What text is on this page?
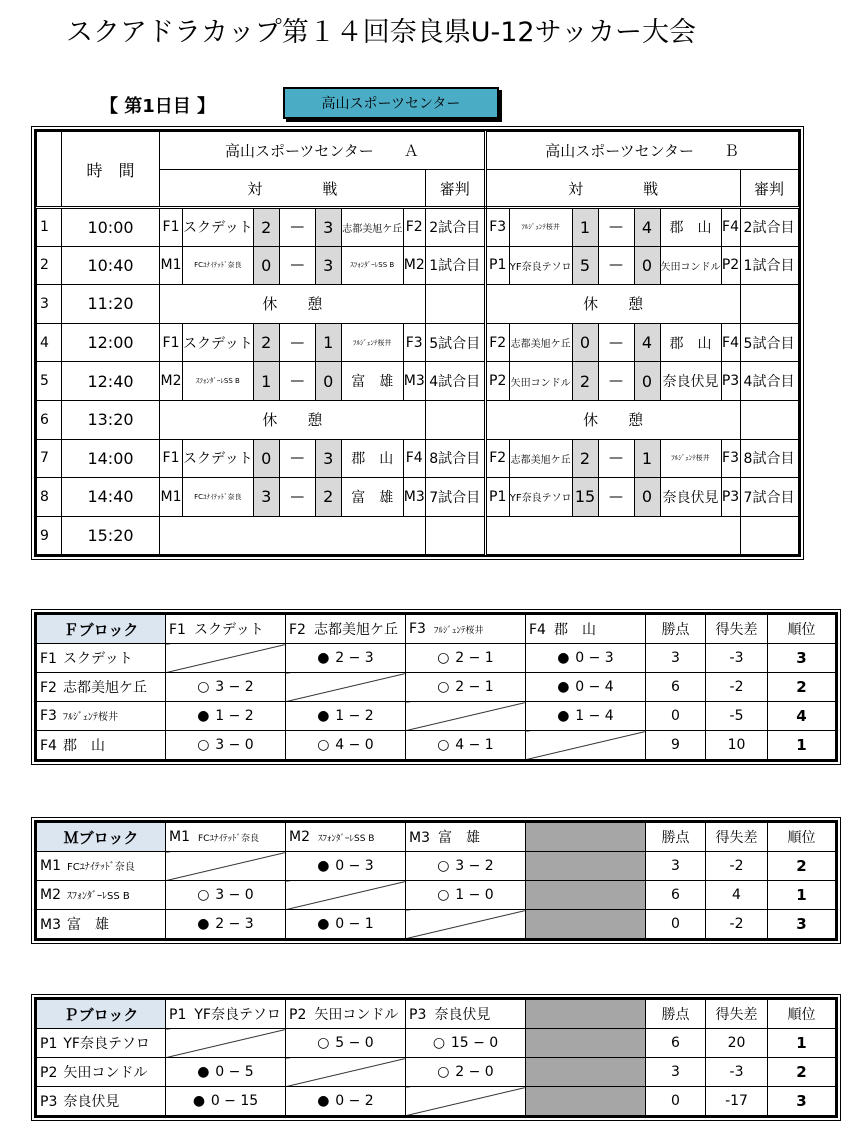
スクアドラカップ第１４回奈良県U-12サッカー大会
【 第1日目 】	高山スポーツセンター
	時　間	高山スポーツセンター　　Ａ								高山スポーツセンター　　Ｂ							
		対　　　　戦							審判	対　　　　戦							審判
1	10:00	F1	スクデット	2	—	3	志都美旭ケ丘	F2	2試合目	F3	ﾌﾙｼﾞｪﾝﾃ桜井	1	—	4	郡　山	F4	2試合目
2	10:40	M1	FCﾕﾅｲﾃｯﾄﾞ奈良	0	—	3	ｽﾌｫﾝﾀﾞｰﾚSS B	M2	1試合目	P1	YF奈良テソロ	5	—	0	矢田コンドル	P2	1試合目
3	11:20	休　　憩								休　　憩							
4	12:00	F1	スクデット	2	—	1	ﾌﾙｼﾞｪﾝﾃ桜井	F3	5試合目	F2	志都美旭ケ丘	0	—	4	郡　山	F4	5試合目
5	12:40	M2	ｽﾌｫﾝﾀﾞｰﾚSS B	1	—	0	富　雄	M3	4試合目	P2	矢田コンドル	2	—	0	奈良伏見	P3	4試合目
6	13:20	休　　憩								休　　憩							
7	14:00	F1	スクデット	0	—	3	郡　山	F4	8試合目	F2	志都美旭ケ丘	2	—	1	ﾌﾙｼﾞｪﾝﾃ桜井	F3	8試合目
8	14:40	M1	FCﾕﾅｲﾃｯﾄﾞ奈良	3	—	2	富　雄	M3	7試合目	P1	YF奈良テソロ	15	—	0	奈良伏見	P3	7試合目
9	15:20																
Ｆブロック	F1 スクデット	F2 志都美旭ケ丘	F3 ﾌﾙｼﾞｪﾝﾃ桜井	F4 郡　山	勝点	得失差	順位
F1 スクデット		● 2 − 3	○ 2 − 1	● 0 − 3	3	-3	3
F2 志都美旭ケ丘	○ 3 − 2		○ 2 − 1	● 0 − 4	6	-2	2
F3 ﾌﾙｼﾞｪﾝﾃ桜井	● 1 − 2	● 1 − 2		● 1 − 4	0	-5	4
F4 郡　山	○ 3 − 0	○ 4 − 0	○ 4 − 1		9	10	1
Ｍブロック	M1 FCﾕﾅｲﾃｯﾄﾞ奈良	M2 ｽﾌｫﾝﾀﾞｰﾚSS B	M3 富　雄		勝点	得失差	順位
M1 FCﾕﾅｲﾃｯﾄﾞ奈良		● 0 − 3	○ 3 − 2		3	-2	2
M2 ｽﾌｫﾝﾀﾞｰﾚSS B	○ 3 − 0		○ 1 − 0		6	4	1
M3 富　雄	● 2 − 3	● 0 − 1			0	-2	3
Ｐブロック	P1 YF奈良テソロ	P2 矢田コンドル	P3 奈良伏見		勝点	得失差	順位
P1 YF奈良テソロ		○ 5 − 0	○ 15 − 0		6	20	1
P2 矢田コンドル	● 0 − 5		○ 2 − 0		3	-3	2
P3 奈良伏見	● 0 − 15	● 0 − 2			0	-17	3
